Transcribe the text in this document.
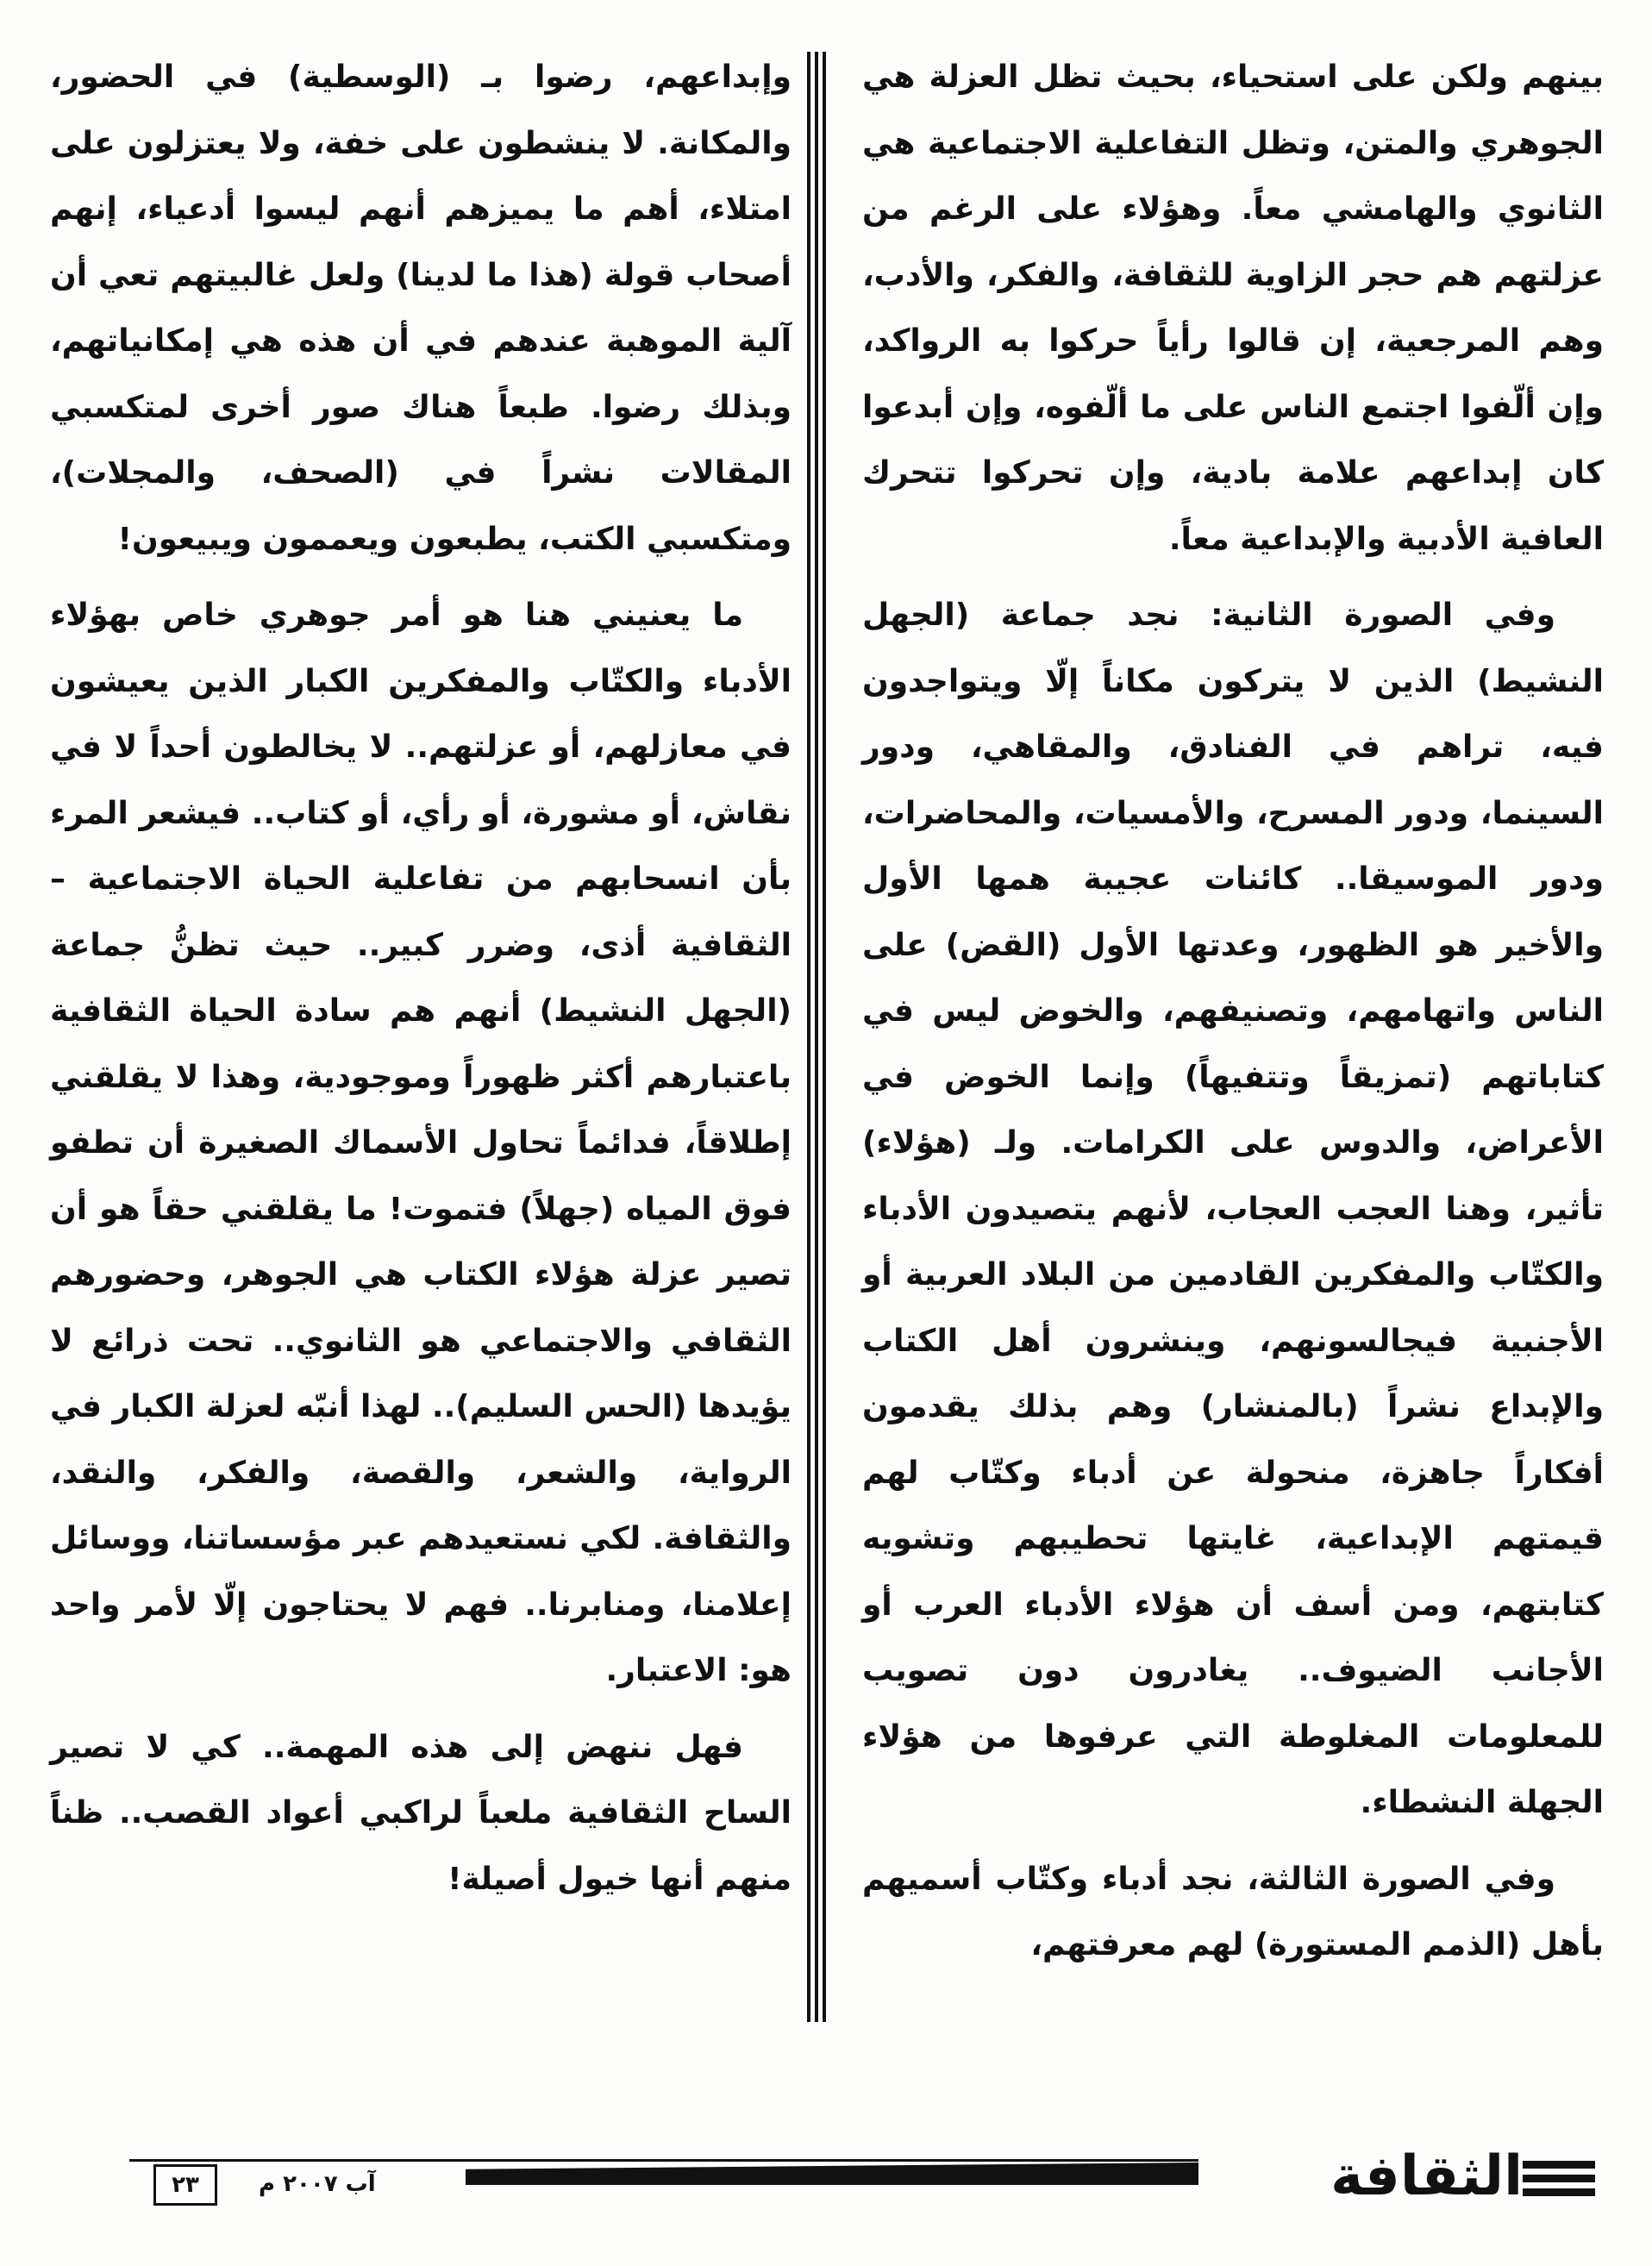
بينهم ولكن على استحياء، بحيث تظل العزلة هي الجوهري والمتن، وتظل التفاعلية الاجتماعية هي الثانوي والهامشي معاً. وهؤلاء على الرغم من عزلتهم هم حجر الزاوية للثقافة، والفكر، والأدب، وهم المرجعية، إن قالوا رأياً حركوا به الرواكد، وإن ألّفوا اجتمع الناس على ما ألّفوه، وإن أبدعوا كان إبداعهم علامة بادية، وإن تحركوا تتحرك العافية الأدبية والإبداعية معاً.

وفي الصورة الثانية: نجد جماعة (الجهل النشيط) الذين لا يتركون مكاناً إلّا ويتواجدون فيه، تراهم في الفنادق، والمقاهي، ودور السينما، ودور المسرح، والأمسيات، والمحاضرات، ودور الموسيقا.. كائنات عجيبة همها الأول والأخير هو الظهور، وعدتها الأول (القض) على الناس واتهامهم، وتصنيفهم، والخوض ليس في كتاباتهم (تمزيقاً وتتفيهاً) وإنما الخوض في الأعراض، والدوس على الكرامات. ولـ (هؤلاء) تأثير، وهنا العجب العجاب، لأنهم يتصيدون الأدباء والكتّاب والمفكرين القادمين من البلاد العربية أو الأجنبية فيجالسونهم، وينشرون أهل الكتاب والإبداع نشراً (بالمنشار) وهم بذلك يقدمون أفكاراً جاهزة، منحولة عن أدباء وكتّاب لهم قيمتهم الإبداعية، غايتها تحطيبهم وتشويه كتابتهم، ومن أسف أن هؤلاء الأدباء العرب أو الأجانب الضيوف.. يغادرون دون تصويب للمعلومات المغلوطة التي عرفوها من هؤلاء الجهلة النشطاء.

وفي الصورة الثالثة، نجد أدباء وكتّاب أسميهم بأهل (الذمم المستورة) لهم معرفتهم،

وإبداعهم، رضوا بـ (الوسطية) في الحضور، والمكانة. لا ينشطون على خفة، ولا يعتزلون على امتلاء، أهم ما يميزهم أنهم ليسوا أدعياء، إنهم أصحاب قولة (هذا ما لدينا) ولعل غالبيتهم تعي أن آلية الموهبة عندهم في أن هذه هي إمكانياتهم، وبذلك رضوا. طبعاً هناك صور أخرى لمتكسبي المقالات نشراً في (الصحف، والمجلات)، ومتكسبي الكتب، يطبعون ويعممون ويبيعون!

ما يعنيني هنا هو أمر جوهري خاص بهؤلاء الأدباء والكتّاب والمفكرين الكبار الذين يعيشون في معازلهم، أو عزلتهم.. لا يخالطون أحداً لا في نقاش، أو مشورة، أو رأي، أو كتاب.. فيشعر المرء بأن انسحابهم من تفاعلية الحياة الاجتماعية – الثقافية أذى، وضرر كبير.. حيث تظنُّ جماعة (الجهل النشيط) أنهم هم سادة الحياة الثقافية باعتبارهم أكثر ظهوراً وموجودية، وهذا لا يقلقني إطلاقاً، فدائماً تحاول الأسماك الصغيرة أن تطفو فوق المياه (جهلاً) فتموت! ما يقلقني حقاً هو أن تصير عزلة هؤلاء الكتاب هي الجوهر، وحضورهم الثقافي والاجتماعي هو الثانوي.. تحت ذرائع لا يؤيدها (الحس السليم).. لهذا أنبّه لعزلة الكبار في الرواية، والشعر، والقصة، والفكر، والنقد، والثقافة. لكي نستعيدهم عبر مؤسساتنا، ووسائل إعلامنا، ومنابرنا.. فهم لا يحتاجون إلّا لأمر واحد هو: الاعتبار.

فهل ننهض إلى هذه المهمة.. كي لا تصير الساح الثقافية ملعباً لراكبي أعواد القصب.. ظناً منهم أنها خيول أصيلة!

الثقافة
آب ٢٠٠٧ م
٢٣
